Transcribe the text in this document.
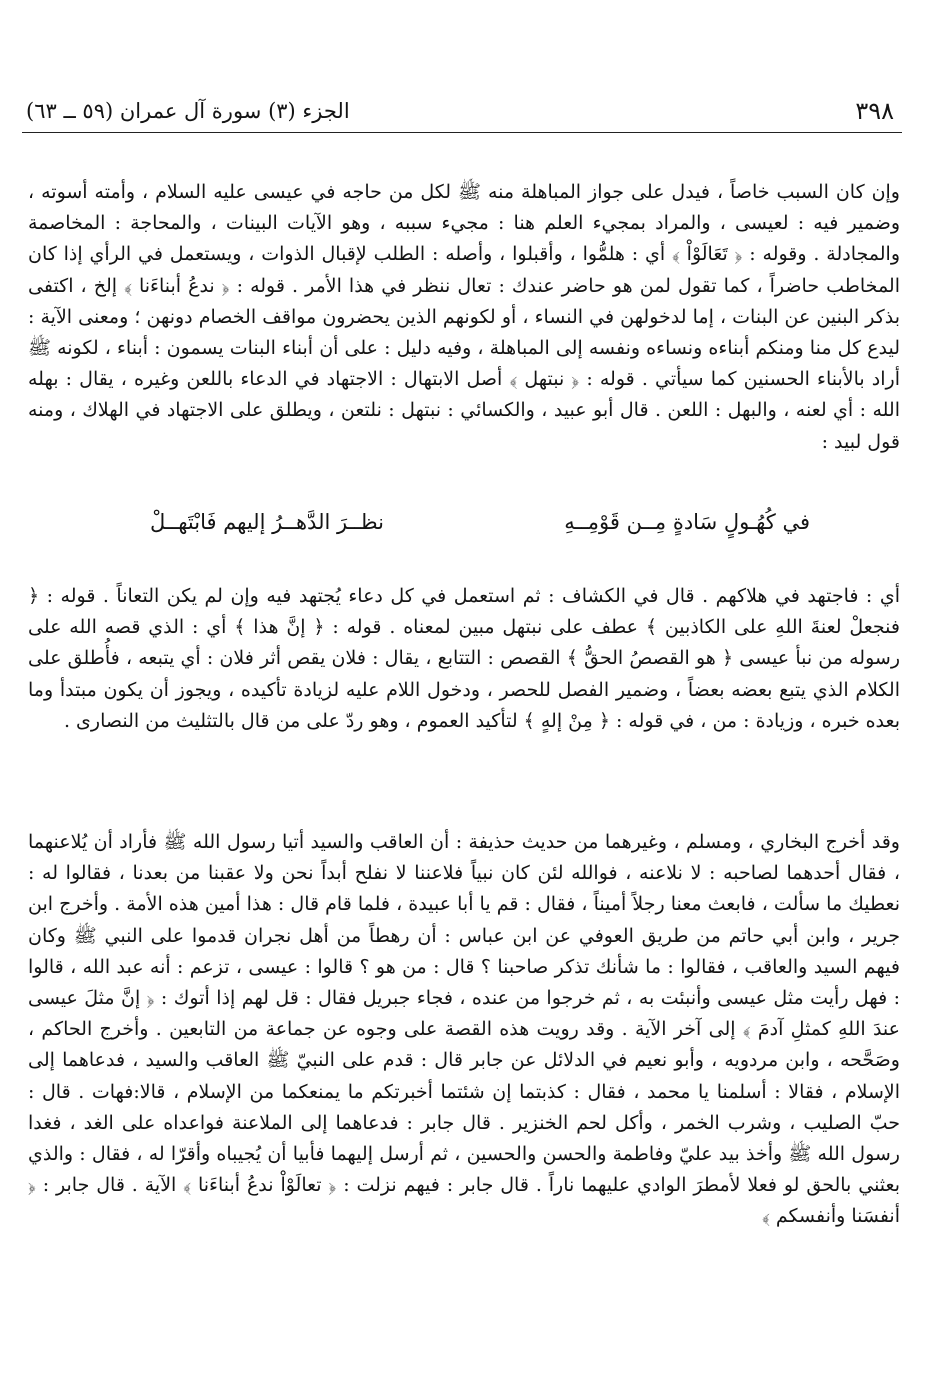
٣٩٨
الجزء (٣) سورة آل عمران (٥٩ ــ ٦٣)

وإن كان السبب خاصاً ، فيدل على جواز المباهلة منه ﷺ لكل من حاجه في عيسى عليه السلام ، وأمته أسوته ، وضمير فيه : لعيسى ، والمراد بمجيء العلم هنا : مجيء سببه ، وهو الآيات البينات ، والمحاجة : المخاصمة والمجادلة . وقوله : ﴿ تَعَالَوْاْ ﴾ أي : هلمُّوا ، وأقبلوا ، وأصله : الطلب لإقبال الذوات ، ويستعمل في الرأي إذا كان المخاطب حاضراً ، كما تقول لمن هو حاضر عندك : تعال ننظر في هذا الأمر . قوله : ﴿ ندعُ أبناءَنا ﴾ إلخ ، اكتفى بذكر البنين عن البنات ، إما لدخولهن في النساء ، أو لكونهم الذين يحضرون مواقف الخصام دونهن ؛ ومعنى الآية : ليدع كل منا ومنكم أبناءه ونساءه ونفسه إلى المباهلة ، وفيه دليل : على أن أبناء البنات يسمون : أبناء ، لكونه ﷺ أراد بالأبناء الحسنين كما سيأتي . قوله : ﴿ نبتهل ﴾ أصل الابتهال : الاجتهاد في الدعاء باللعن وغيره ، يقال : بهله الله : أي لعنه ، والبهل : اللعن . قال أبو عبيد ، والكسائي : نبتهل : نلتعن ، ويطلق على الاجتهاد في الهلاك ، ومنه قول لبيد :

في كُهُـولٍ سَادةٍ مِــن قَوْمِــهِ
نظــرَ الدَّهــرُ إليهم فَابْتَهــلْ

أي : فاجتهد في هلاكهم . قال في الكشاف : ثم استعمل في كل دعاء يُجتهد فيه وإن لم يكن التعاناً . قوله : ﴿ فنجعلْ لعنةَ اللهِ على الكاذبين ﴾ عطف على نبتهل مبين لمعناه . قوله : ﴿ إنَّ هذا ﴾ أي : الذي قصه الله على رسوله من نبأ عيسى ﴿ هو القصصُ الحقُّ ﴾ القصص : التتابع ، يقال : فلان يقص أثر فلان : أي يتبعه ، فأُطلق على الكلام الذي يتبع بعضه بعضاً ، وضمير الفصل للحصر ، ودخول اللام عليه لزيادة تأكيده ، ويجوز أن يكون مبتدأ وما بعده خبره ، وزيادة : من ، في قوله : ﴿ مِنْ إلهٍ ﴾ لتأكيد العموم ، وهو ردّ على من قال بالتثليث من النصارى .

وقد أخرج البخاري ، ومسلم ، وغيرهما من حديث حذيفة : أن العاقب والسيد أتيا رسول الله ﷺ فأراد أن يُلاعنهما ، فقال أحدهما لصاحبه : لا نلاعنه ، فوالله لئن كان نبياً فلاعننا لا نفلح أبداً نحن ولا عقبنا من بعدنا ، فقالوا له : نعطيك ما سألت ، فابعث معنا رجلاً أميناً ، فقال : قم يا أبا عبيدة ، فلما قام قال : هذا أمين هذه الأمة . وأخرج ابن جرير ، وابن أبي حاتم من طريق العوفي عن ابن عباس : أن رهطاً من أهل نجران قدموا على النبي ﷺ وكان فيهم السيد والعاقب ، فقالوا : ما شأنك تذكر صاحبنا ؟ قال : من هو ؟ قالوا : عيسى ، تزعم : أنه عبد الله ، قالوا : فهل رأيت مثل عيسى وأنبئت به ، ثم خرجوا من عنده ، فجاء جبريل فقال : قل لهم إذا أتوك : ﴿ إنَّ مثلَ عيسى عندَ اللهِ كمثلِ آدمَ ﴾ إلى آخر الآية . وقد رويت هذه القصة على وجوه عن جماعة من التابعين . وأخرج الحاكم ، وصَحَّحه ، وابن مردويه ، وأبو نعيم في الدلائل عن جابر قال : قدم على النبيّ ﷺ العاقب والسيد ، فدعاهما إلى الإسلام ، فقالا : أسلمنا يا محمد ، فقال : كذبتما إن شئتما أخبرتكم ما يمنعكما من الإسلام ، قالا:فهات . قال : حبّ الصليب ، وشرب الخمر ، وأكل لحم الخنزير . قال جابر : فدعاهما إلى الملاعنة فواعداه على الغد ، فغدا رسول الله ﷺ وأخذ بيد عليّ وفاطمة والحسن والحسين ، ثم أرسل إليهما فأبيا أن يُجيباه وأقرّا له ، فقال : والذي بعثني بالحق لو فعلا لأمطرَ الوادي عليهما ناراً . قال جابر : فيهم نزلت : ﴿ تعالَوْاْ ندعُ أبناءَنا ﴾ الآية . قال جابر : ﴿ أنفسَنا وأنفسكم ﴾
